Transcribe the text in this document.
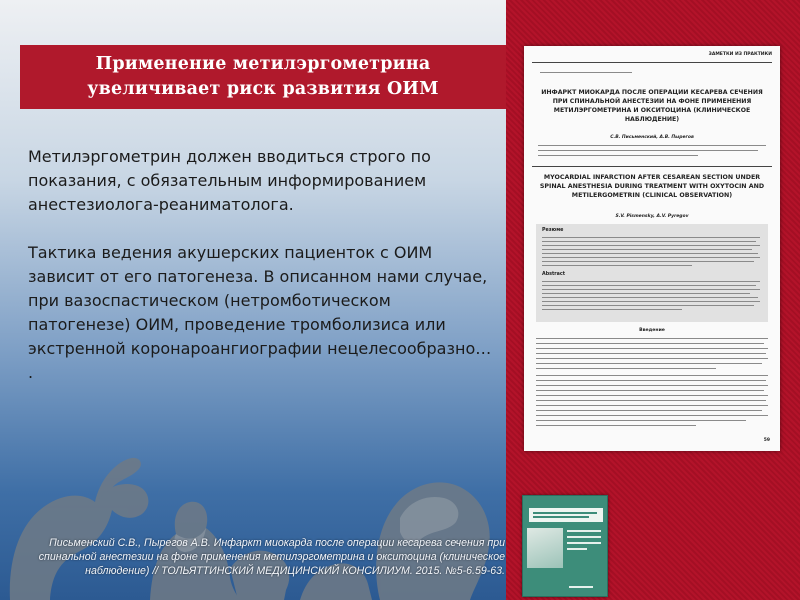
Применение метилэргометрина увеличивает риск развития ОИМ

Метилэргометрин должен вводиться строго по показания, с обязательным информированием анестезиолога-реаниматолога.

Тактика ведения акушерских пациенток с ОИМ зависит от его патогенеза. В описанном нами случае, при вазоспастическом (нетромботическом патогенезе) ОИМ, проведение тромболизиса или экстренной коронароангиографии нецелесообразно… .

Письменский С.В., Пырегов А.В. Инфаркт миокарда после операции кесарева сечения при спинальной анестезии на фоне применения метилэргометрина и окситоцина (клиническое наблюдение) // ТОЛЬЯТТИНСКИЙ МЕДИЦИНСКИЙ КОНСИЛИУМ. 2015. №5-6.59-63.
ЗАМЕТКИ ИЗ ПРАКТИКИ
ИНФАРКТ МИОКАРДА ПОСЛЕ ОПЕРАЦИИ КЕСАРЕВА СЕЧЕНИЯ ПРИ СПИНАЛЬНОЙ АНЕСТЕЗИИ НА ФОНЕ ПРИМЕНЕНИЯ МЕТИЛЭРГОМЕТРИНА И ОКСИТОЦИНА (КЛИНИЧЕСКОЕ НАБЛЮДЕНИЕ)
С.В. Письменский, А.В. Пырегов
MYOCARDIAL INFARCTION AFTER CESAREAN SECTION UNDER SPINAL ANESTHESIA DURING TREATMENT WITH OXYTOCIN AND METILERGOMETRIN (CLINICAL OBSERVATION)
S.V. Pismensky, A.V. Pyregov
Резюме
Abstract
Введение
59
